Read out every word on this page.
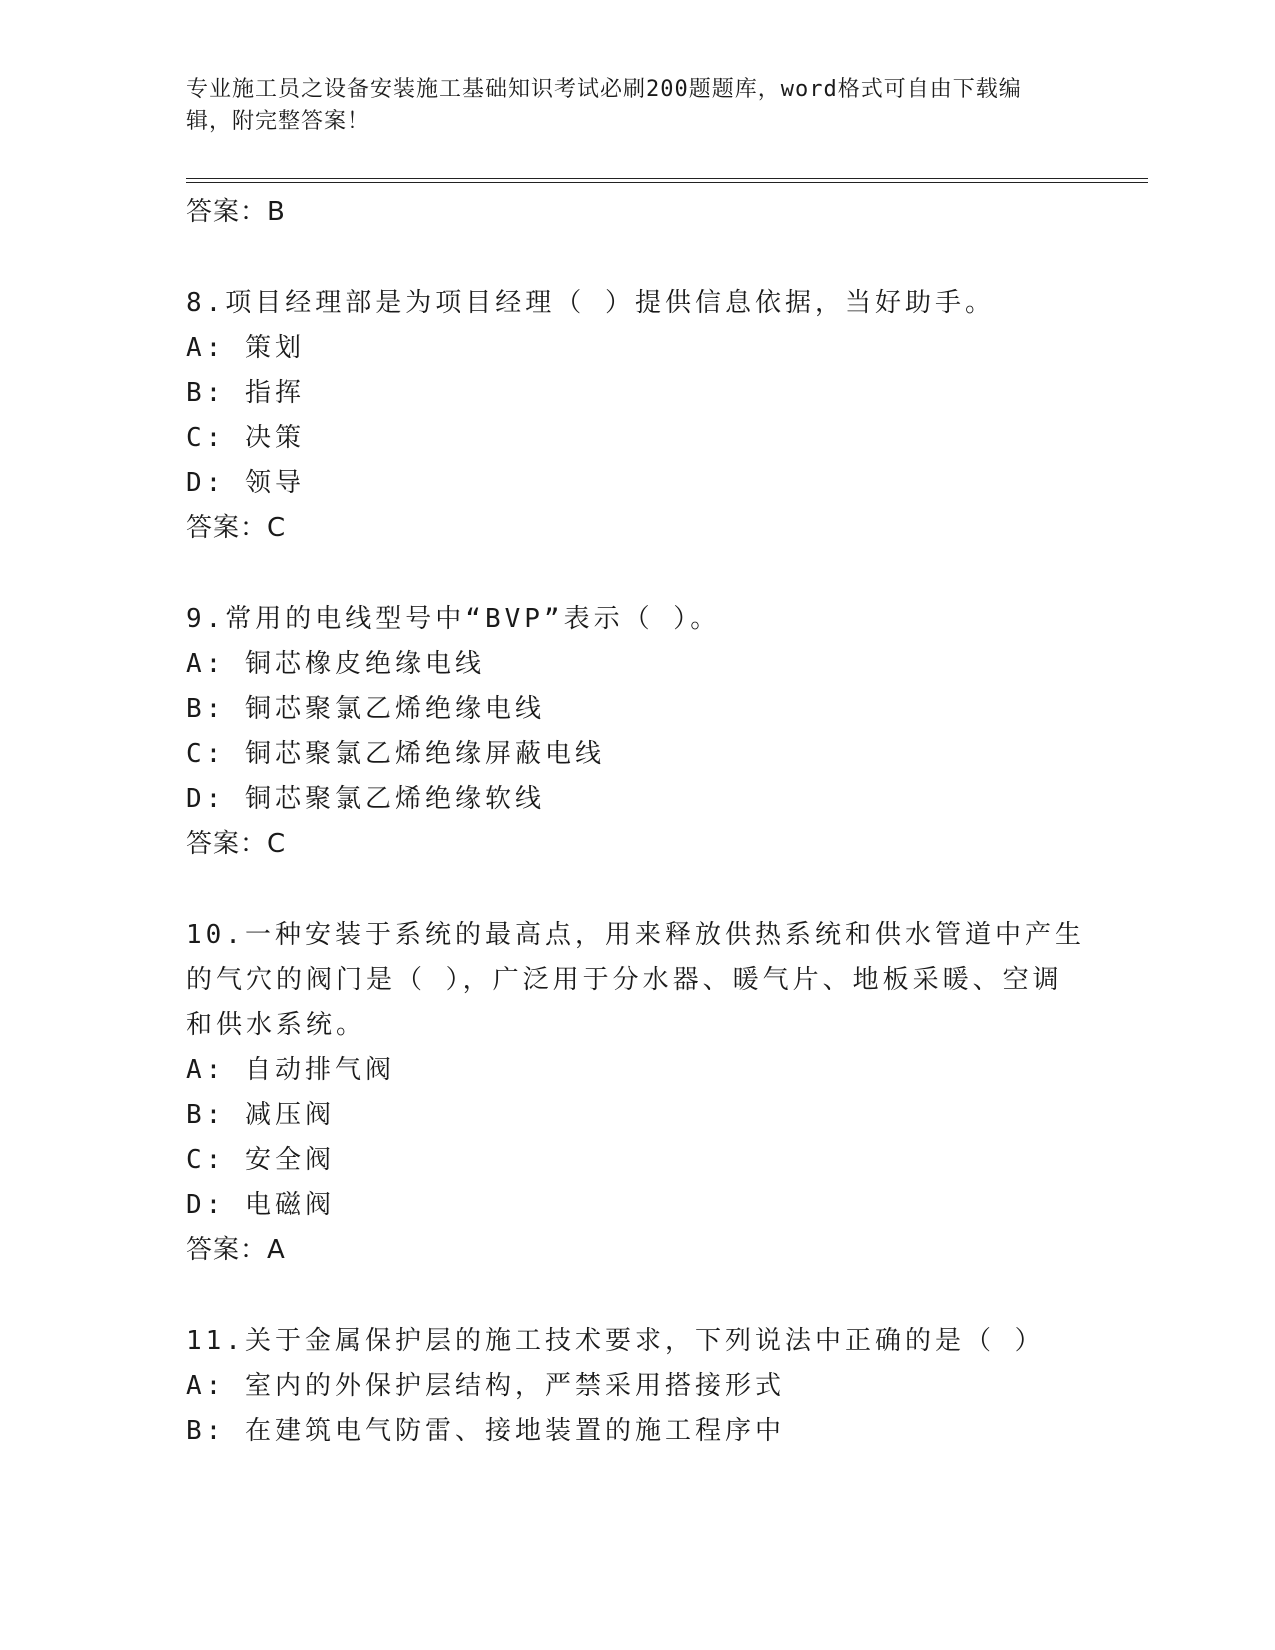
专业施工员之设备安装施工基础知识考试必刷200题题库，word格式可自由下载编辑，附完整答案！
答案：B
8.项目经理部是为项目经理（ ）提供信息依据，当好助手。
A: 策划
B: 指挥
C: 决策
D: 领导
答案：C
9.常用的电线型号中“BVP”表示（ ）。
A: 铜芯橡皮绝缘电线
B: 铜芯聚氯乙烯绝缘电线
C: 铜芯聚氯乙烯绝缘屏蔽电线
D: 铜芯聚氯乙烯绝缘软线
答案：C
10.一种安装于系统的最高点，用来释放供热系统和供水管道中产生的气穴的阀门是（ ），广泛用于分水器、暖气片、地板采暖、空调和供水系统。
A: 自动排气阀
B: 减压阀
C: 安全阀
D: 电磁阀
答案：A
11.关于金属保护层的施工技术要求，下列说法中正确的是（ ）
A: 室内的外保护层结构，严禁采用搭接形式
B: 在建筑电气防雷、接地装置的施工程序中
